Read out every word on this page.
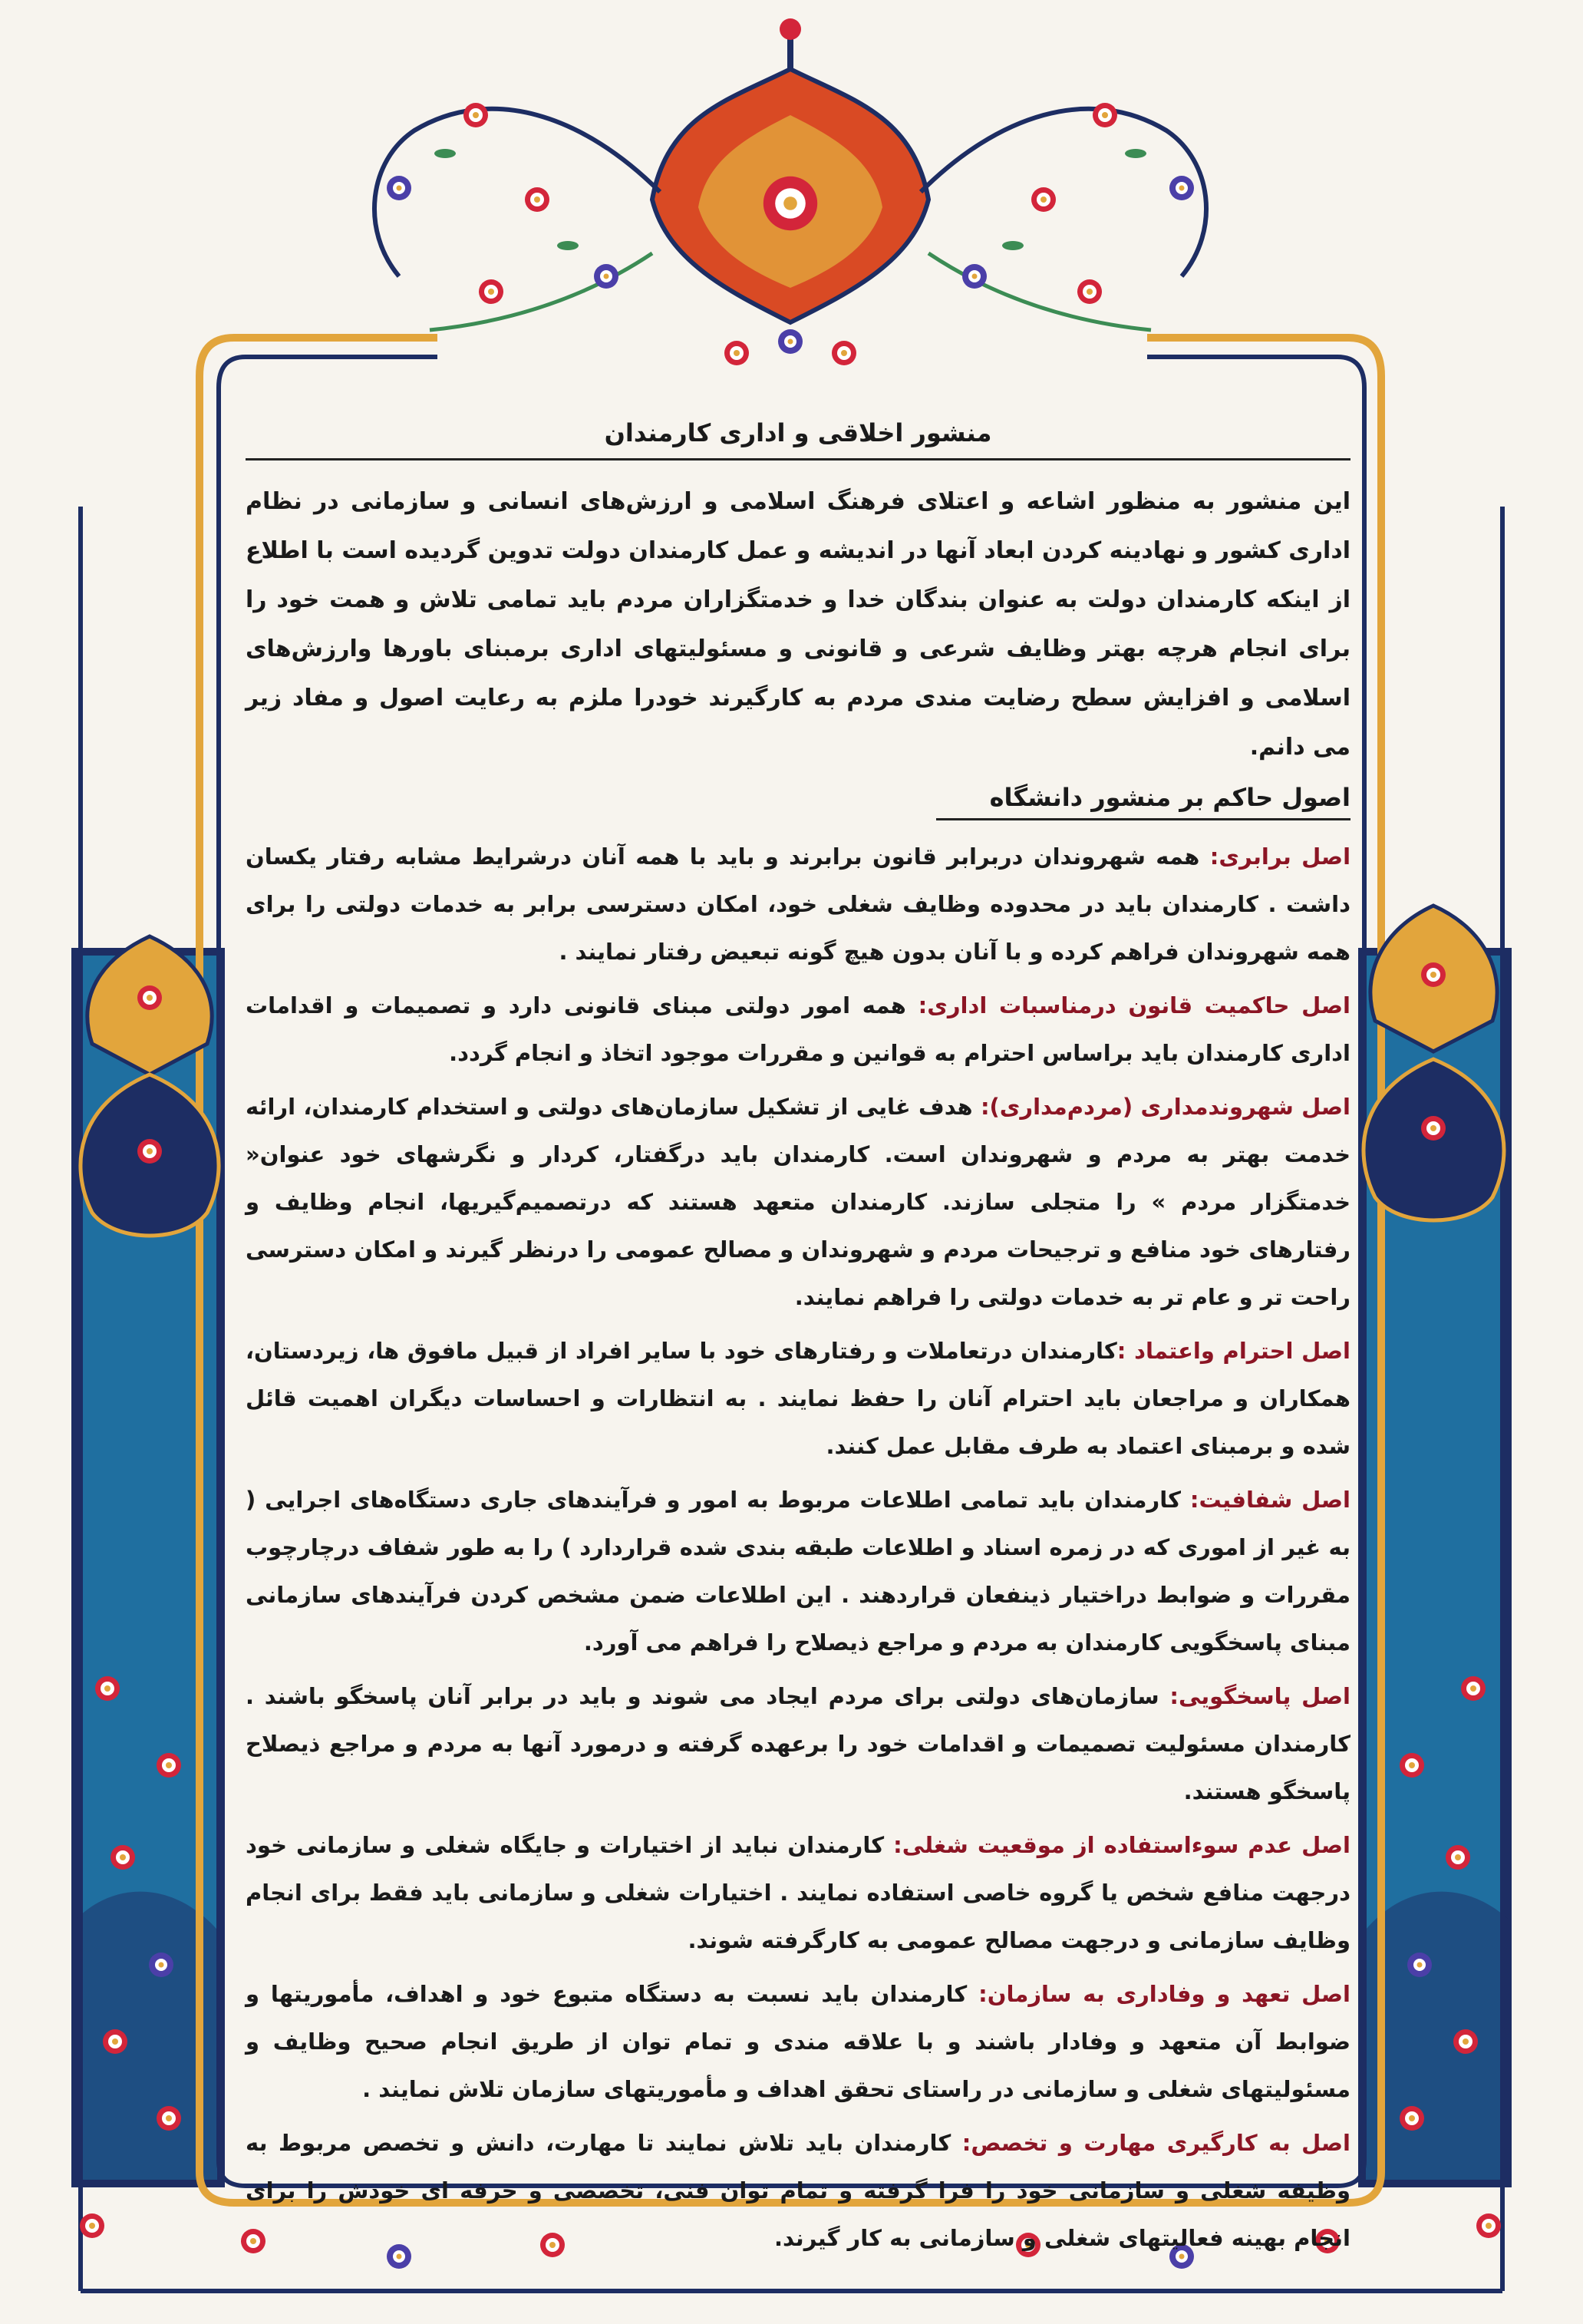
منشور اخلاقی و اداری کارمندان

این منشور به منظور اشاعه و اعتلای فرهنگ اسلامی و ارزش‌های انسانی و سازمانی در نظام اداری کشور و نهادینه کردن ابعاد آنها در اندیشه و عمل کارمندان دولت تدوین گردیده است با اطلاع از اینکه کارمندان دولت به عنوان بندگان خدا و خدمتگزاران مردم باید تمامی تلاش و همت خود را برای انجام هرچه بهتر وظایف شرعی و قانونی و مسئولیتهای اداری برمبنای باورها وارزش‌های اسلامی و افزایش سطح رضایت مندی مردم به کارگیرند خودرا ملزم به رعایت اصول و مفاد زیر می دانم.

اصول حاکم بر منشور دانشگاه

اصل برابری: همه شهروندان دربرابر قانون برابرند و باید با همه آنان درشرایط مشابه رفتار یکسان داشت . کارمندان باید در محدوده وظایف شغلی خود، امکان دسترسی برابر به خدمات دولتی را برای همه شهروندان فراهم کرده و با آنان بدون هیچ گونه تبعیض رفتار نمایند .

اصل حاکمیت قانون درمناسبات اداری: همه امور دولتی مبنای قانونی دارد و تصمیمات و اقدامات اداری کارمندان باید براساس احترام به قوانین و مقررات موجود اتخاذ و انجام گردد.

اصل شهروندمداری (مردم‌مداری): هدف غایی از تشکیل سازمان‌های دولتی و استخدام کارمندان، ارائه خدمت بهتر به مردم و شهروندان است. کارمندان باید درگفتار، کردار و نگرشهای خود عنوان« خدمتگزار مردم » را متجلی سازند. کارمندان متعهد هستند که درتصمیم‌گیریها، انجام وظایف و رفتارهای خود منافع و ترجیحات مردم و شهروندان و مصالح عمومی را درنظر گیرند و امکان دسترسی راحت تر و عام تر به خدمات دولتی را فراهم نمایند.

اصل احترام واعتماد :کارمندان درتعاملات و رفتارهای خود با سایر افراد از قبیل مافوق ها، زیردستان، همکاران و مراجعان باید احترام آنان را حفظ نمایند . به انتظارات و احساسات دیگران اهمیت قائل شده و برمبنای اعتماد به طرف مقابل عمل کنند.

اصل شفافیت: کارمندان باید تمامی اطلاعات مربوط به امور و فرآیندهای جاری دستگاه‌های اجرایی ( به غیر از اموری که در زمره اسناد و اطلاعات طبقه بندی شده قراردارد ) را به طور شفاف درچارچوب مقررات و ضوابط دراختیار ذینفعان قراردهند . این اطلاعات ضمن مشخص کردن فرآیندهای سازمانی مبنای پاسخگویی کارمندان به مردم و مراجع ذیصلاح را فراهم می آورد.

اصل پاسخگویی: سازمان‌های دولتی برای مردم ایجاد می شوند و باید در برابر آنان پاسخگو باشند . کارمندان مسئولیت تصمیمات و اقدامات خود را برعهده گرفته و درمورد آنها به مردم و مراجع ذیصلاح پاسخگو هستند.

اصل عدم سوءاستفاده از موقعیت شغلی: کارمندان نباید از اختیارات و جایگاه شغلی و سازمانی خود درجهت منافع شخص یا گروه خاصی استفاده نمایند . اختیارات شغلی و سازمانی باید فقط برای انجام وظایف سازمانی و درجهت مصالح عمومی به کارگرفته شوند.

اصل تعهد و وفاداری به سازمان: کارمندان باید نسبت به دستگاه متبوع خود و اهداف، مأموریتها و ضوابط آن متعهد و وفادار باشند و با علاقه مندی و تمام توان از طریق انجام صحیح وظایف و مسئولیتهای شغلی و سازمانی در راستای تحقق اهداف و مأموریتهای سازمان تلاش نمایند .

اصل به کارگیری مهارت و تخصص: کارمندان باید تلاش نمایند تا مهارت، دانش و تخصص مربوط به وظیفه شغلی و سازمانی خود را فرا گرفته و تمام توان فنی، تخصصی و حرفه ای خودش را برای انجام بهینه فعالیتهای شغلی و سازمانی به کار گیرند.
